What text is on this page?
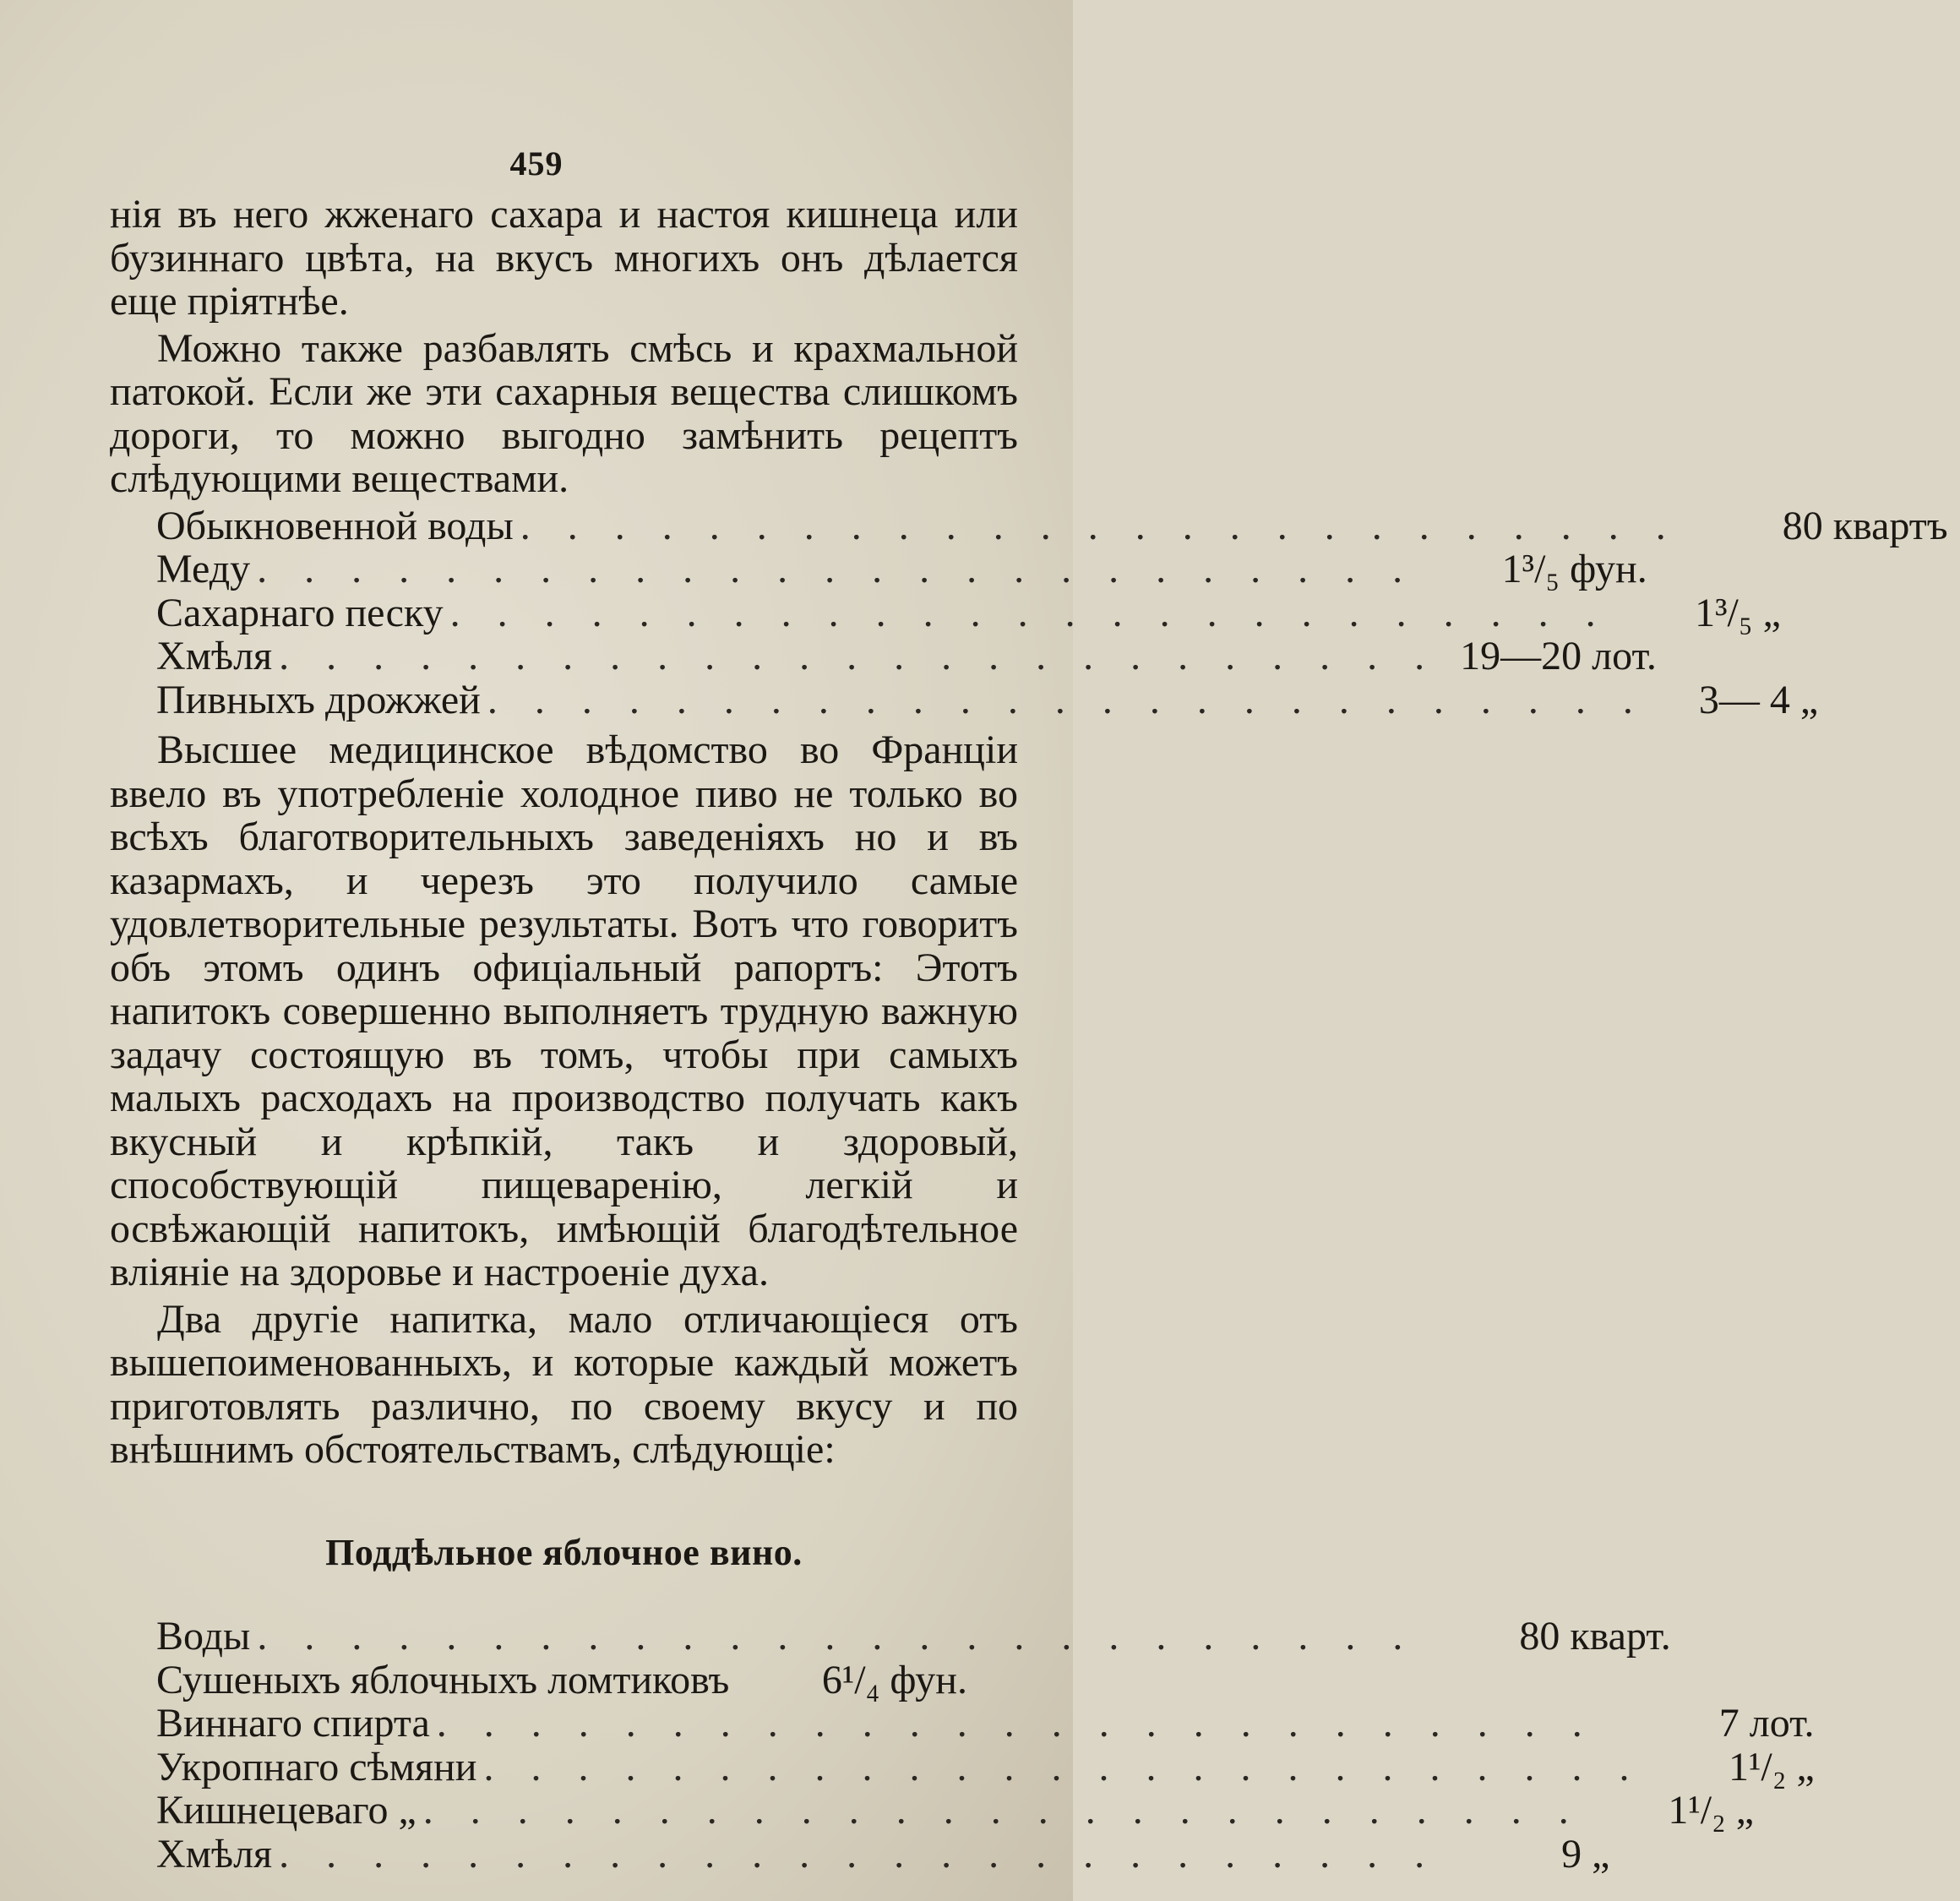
459

нія въ него жженаго сахара и настоя кишнеца или бузиннаго цвѣта, на вкусъ многихъ онъ дѣлается еще пріятнѣе.

Можно также разбавлять смѣсь и крахмальной патокой. Если же эти сахарныя вещества слишкомъ дороги, то можно выгодно замѣнить рецептъ слѣдующими веществами.

Обыкновенной воды . . . . . . . . . . . . . . . . . . . . . . . . .	80 квартъ
Меду . . . . . . . . . . . . . . . . . . . . . . . . .	1³/₅ фун.
Сахарнаго песку . . . . . . . . . . . . . . . . . . . . . . . . .	1³/₅ „
Хмѣля . . . . . . . . . . . . . . . . . . . . . . . . . 19—20 лот.
Пивныхъ дрожжей . . . . . . . . . . . . . . . . . . . . . . . . .	3— 4 „

Высшее медицинское вѣдомство во Франціи ввело въ употребленіе холодное пиво не только во всѣхъ благотворительныхъ заведеніяхъ но и въ казармахъ, и черезъ это получило самые удовлетворительные результаты. Вотъ что говоритъ объ этомъ одинъ офиціальный рапортъ: Этотъ напитокъ совершенно выполняетъ трудную важную задачу состоящую въ томъ, чтобы при самыхъ малыхъ расходахъ на производство получать какъ вкусный и крѣпкій, такъ и здоровый, способствующій пищеваренію, легкій и освѣжающій напитокъ, имѣющій благодѣтельное вліяніе на здоровье и настроеніе духа.

Два другіе напитка, мало отличающіеся отъ вышепоименованныхъ, и которые каждый можетъ приготовлять различно, по своему вкусу и по внѣшнимъ обстоятельствамъ, слѣдующіе:

Поддѣльное яблочное вино.
Воды . . . . . . . . . . . . . . . . . . . . . . . . .	80 кварт.
Сушеныхъ яблочныхъ ломтиковъ	6¹/₄ фун.
Виннаго спирта . . . . . . . . . . . . . . . . . . . . . . . . .	7 лот.
Укропнаго сѣмяни . . . . . . . . . . . . . . . . . . . . . . . . .	1¹/₂ „
Кишнецеваго „ . . . . . . . . . . . . . . . . . . . . . . . . .	1¹/₂ „
Хмѣля . . . . . . . . . . . . . . . . . . . . . . . . .	9 „
